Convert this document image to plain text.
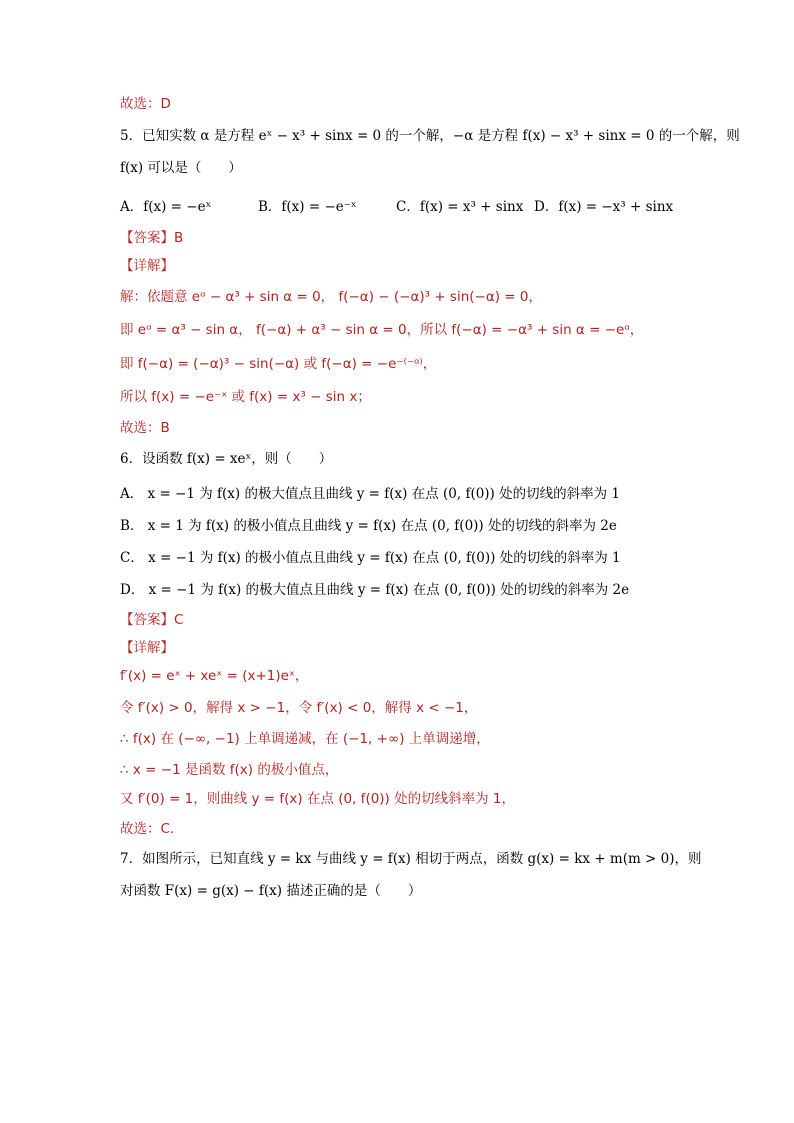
故选：D
5．已知实数 α 是方程 eˣ − x³ + sinx = 0 的一个解，−α 是方程 f(x) − x³ + sinx = 0 的一个解，则
f(x) 可以是（　　）
A．f(x) = −eˣ	B．f(x) = −e⁻ˣ	C．f(x) = x³ + sinx D．f(x) = −x³ + sinx
【答案】B
【详解】
解：依题意 eᵅ − α³ + sin α = 0， f(−α) − (−α)³ + sin(−α) = 0，
即 eᵅ = α³ − sin α， f(−α) + α³ − sin α = 0，所以 f(−α) = −α³ + sin α = −eᵅ，
即 f(−α) = (−α)³ − sin(−α) 或 f(−α) = −e⁻⁽⁻ᵅ⁾，
所以 f(x) = −e⁻ˣ 或 f(x) = x³ − sin x；
故选：B
6．设函数 f(x) = xeˣ，则（　　）
A． x = −1 为 f(x) 的极大值点且曲线 y = f(x) 在点 (0, f(0)) 处的切线的斜率为 1
B． x = 1 为 f(x) 的极小值点且曲线 y = f(x) 在点 (0, f(0)) 处的切线的斜率为 2e
C． x = −1 为 f(x) 的极小值点且曲线 y = f(x) 在点 (0, f(0)) 处的切线的斜率为 1
D． x = −1 为 f(x) 的极大值点且曲线 y = f(x) 在点 (0, f(0)) 处的切线的斜率为 2e
【答案】C
【详解】
f′(x) = eˣ + xeˣ = (x+1)eˣ，
令 f′(x) > 0，解得 x > −1，令 f′(x) < 0，解得 x < −1，
∴ f(x) 在 (−∞, −1) 上单调递减，在 (−1, +∞) 上单调递增，
∴ x = −1 是函数 f(x) 的极小值点，
又 f′(0) = 1，则曲线 y = f(x) 在点 (0, f(0)) 处的切线斜率为 1，
故选：C.
7．如图所示，已知直线 y = kx 与曲线 y = f(x) 相切于两点，函数 g(x) = kx + m(m > 0)，则
对函数 F(x) = g(x) − f(x) 描述正确的是（　　）
